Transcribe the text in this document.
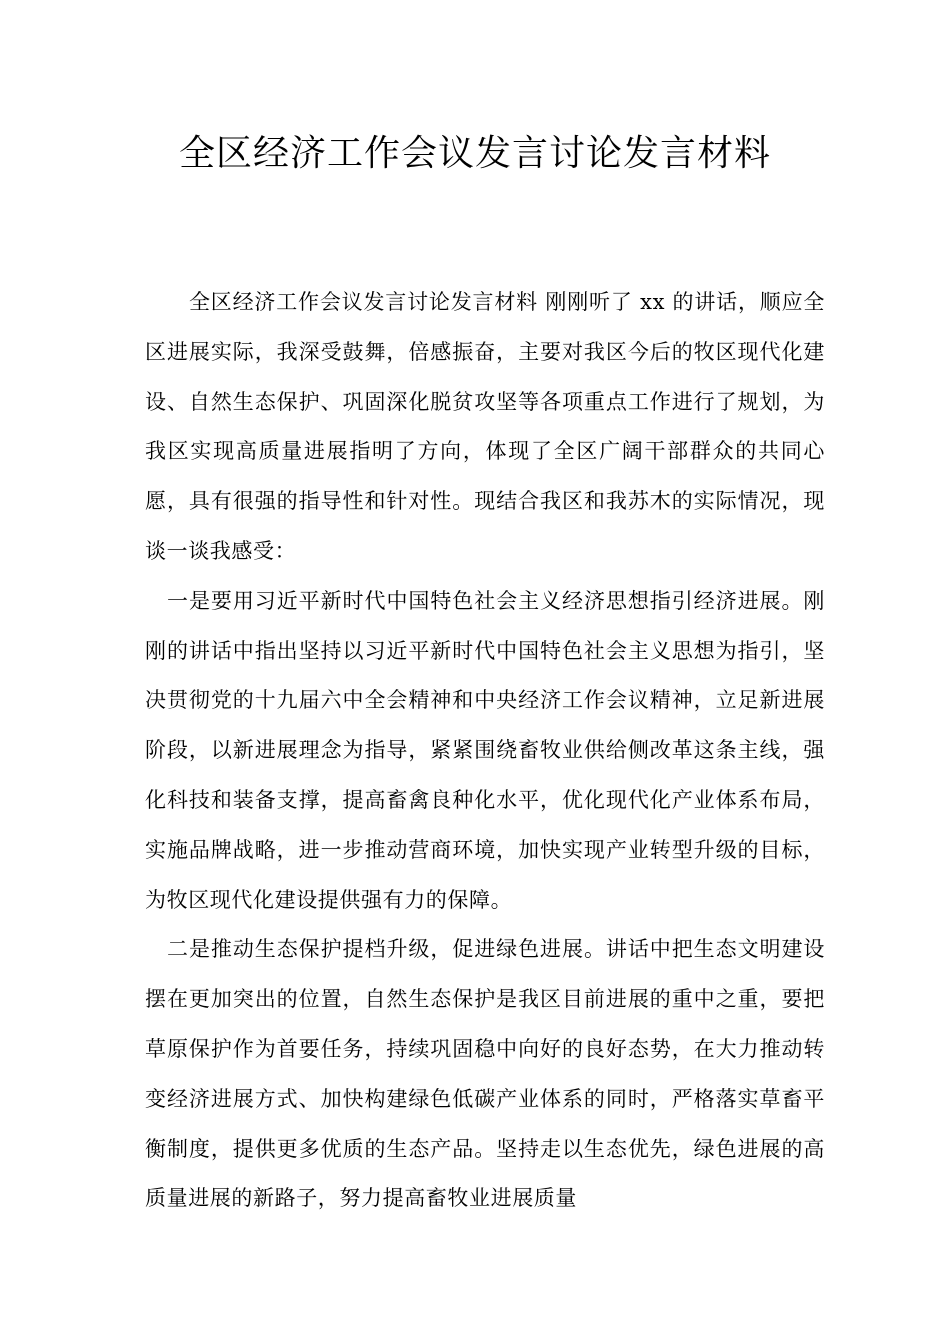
全区经济工作会议发言讨论发言材料

全区经济工作会议发言讨论发言材料 刚刚听了 xx 的讲话，顺应全区进展实际，我深受鼓舞，倍感振奋，主要对我区今后的牧区现代化建设、自然生态保护、巩固深化脱贫攻坚等各项重点工作进行了规划，为我区实现高质量进展指明了方向，体现了全区广阔干部群众的共同心愿，具有很强的指导性和针对性。现结合我区和我苏木的实际情况，现谈一谈我感受：

一是要用习近平新时代中国特色社会主义经济思想指引经济进展。刚刚的讲话中指出坚持以习近平新时代中国特色社会主义思想为指引，坚决贯彻党的十九届六中全会精神和中央经济工作会议精神，立足新进展阶段，以新进展理念为指导，紧紧围绕畜牧业供给侧改革这条主线，强化科技和装备支撑，提高畜禽良种化水平，优化现代化产业体系布局，实施品牌战略，进一步推动营商环境，加快实现产业转型升级的目标，为牧区现代化建设提供强有力的保障。

二是推动生态保护提档升级，促进绿色进展。讲话中把生态文明建设摆在更加突出的位置，自然生态保护是我区目前进展的重中之重，要把草原保护作为首要任务，持续巩固稳中向好的良好态势，在大力推动转变经济进展方式、加快构建绿色低碳产业体系的同时，严格落实草畜平衡制度，提供更多优质的生态产品。坚持走以生态优先，绿色进展的高质量进展的新路子，努力提高畜牧业进展质量
